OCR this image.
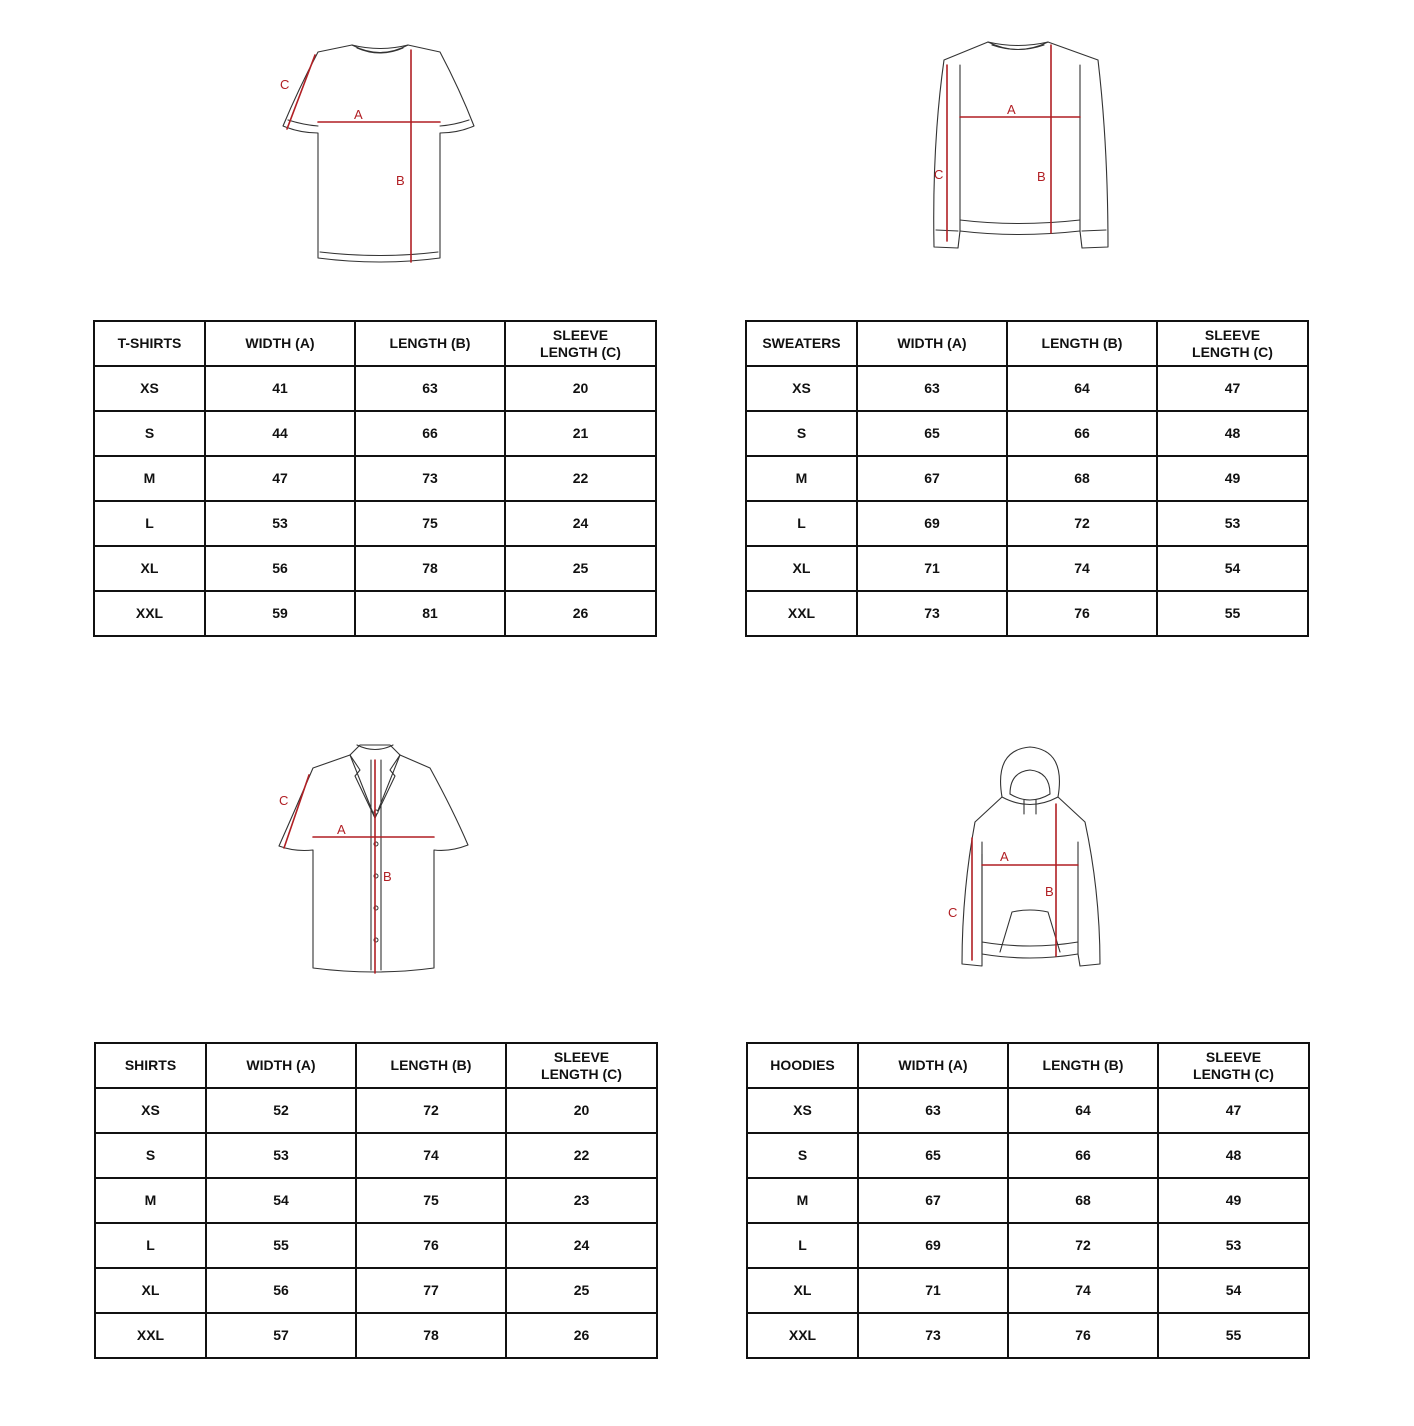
A
B
C
T-SHIRTS	WIDTH (A)	LENGTH (B)	SLEEVE LENGTH (C)
XS	41	63	20
S	44	66	21
M	47	73	22
L	53	75	24
XL	56	78	25
XXL	59	81	26
A
B
C
SWEATERS	WIDTH (A)	LENGTH (B)	SLEEVE LENGTH (C)
XS	63	64	47
S	65	66	48
M	67	68	49
L	69	72	53
XL	71	74	54
XXL	73	76	55
A
B
C
SHIRTS	WIDTH (A)	LENGTH (B)	SLEEVE LENGTH (C)
XS	52	72	20
S	53	74	22
M	54	75	23
L	55	76	24
XL	56	77	25
XXL	57	78	26
A
B
C
HOODIES	WIDTH (A)	LENGTH (B)	SLEEVE LENGTH (C)
XS	63	64	47
S	65	66	48
M	67	68	49
L	69	72	53
XL	71	74	54
XXL	73	76	55
